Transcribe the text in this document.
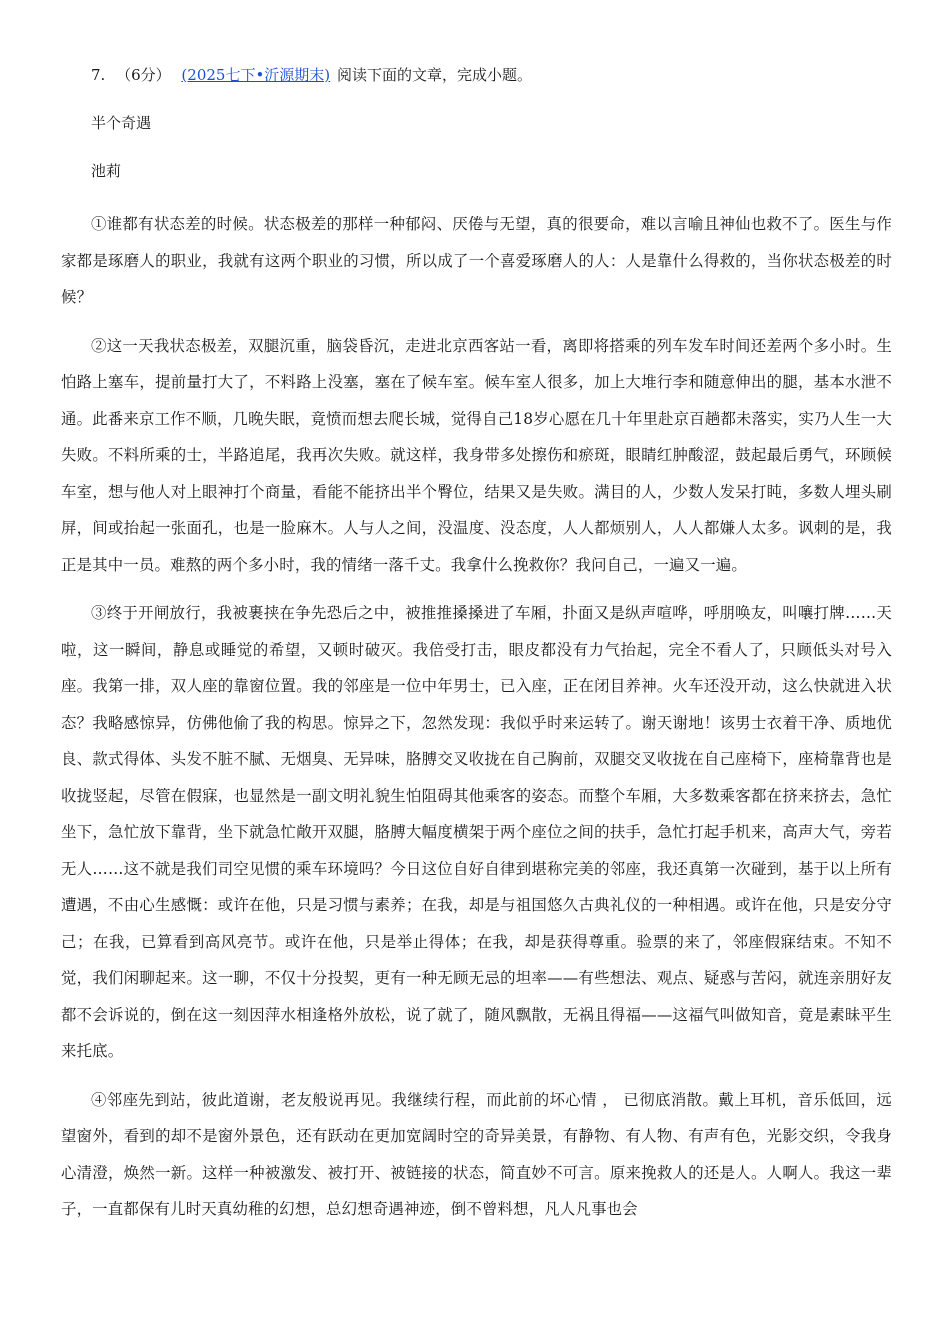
7. （6分） (2025七下•沂源期末) 阅读下面的文章，完成小题。
半个奇遇
池莉

①谁都有状态差的时候。状态极差的那样一种郁闷、厌倦与无望，真的很要命，难以言喻且神仙也救不了。医生与作家都是琢磨人的职业，我就有这两个职业的习惯，所以成了一个喜爱琢磨人的人：人是靠什么得救的，当你状态极差的时候？

②这一天我状态极差，双腿沉重，脑袋昏沉，走进北京西客站一看，离即将搭乘的列车发车时间还差两个多小时。生怕路上塞车，提前量打大了，不料路上没塞，塞在了候车室。候车室人很多，加上大堆行李和随意伸出的腿，基本水泄不通。此番来京工作不顺，几晚失眠，竟愤而想去爬长城，觉得自己18岁心愿在几十年里赴京百趟都未落实，实乃人生一大失败。不料所乘的士，半路追尾，我再次失败。就这样，我身带多处擦伤和瘀斑，眼睛红肿酸涩，鼓起最后勇气，环顾候车室，想与他人对上眼神打个商量，看能不能挤出半个臀位，结果又是失败。满目的人，少数人发呆打盹，多数人埋头刷屏，间或抬起一张面孔，也是一脸麻木。人与人之间，没温度、没态度，人人都烦别人，人人都嫌人太多。讽刺的是，我正是其中一员。难熬的两个多小时，我的情绪一落千丈。我拿什么挽救你？我问自己，一遍又一遍。

③终于开闸放行，我被裹挟在争先恐后之中，被推推搡搡进了车厢，扑面又是纵声喧哗，呼朋唤友，叫嚷打牌……天啦，这一瞬间，静息或睡觉的希望，又顿时破灭。我倍受打击，眼皮都没有力气抬起，完全不看人了，只顾低头对号入座。我第一排，双人座的靠窗位置。我的邻座是一位中年男士，已入座，正在闭目养神。火车还没开动，这么快就进入状态？我略感惊异，仿佛他偷了我的构思。惊异之下，忽然发现：我似乎时来运转了。谢天谢地！该男士衣着干净、质地优良、款式得体、头发不脏不腻、无烟臭、无异味，胳膊交叉收拢在自己胸前，双腿交叉收拢在自己座椅下，座椅靠背也是收拢竖起，尽管在假寐，也显然是一副文明礼貌生怕阻碍其他乘客的姿态。而整个车厢，大多数乘客都在挤来挤去，急忙坐下，急忙放下靠背，坐下就急忙敞开双腿，胳膊大幅度横架于两个座位之间的扶手，急忙打起手机来，高声大气，旁若无人……这不就是我们司空见惯的乘车环境吗？今日这位自好自律到堪称完美的邻座，我还真第一次碰到，基于以上所有遭遇，不由心生感慨：或许在他，只是习惯与素养；在我，却是与祖国悠久古典礼仪的一种相遇。或许在他，只是安分守己；在我，已算看到高风亮节。或许在他，只是举止得体；在我，却是获得尊重。验票的来了，邻座假寐结束。不知不觉，我们闲聊起来。这一聊，不仅十分投契，更有一种无顾无忌的坦率——有些想法、观点、疑惑与苦闷，就连亲朋好友都不会诉说的，倒在这一刻因萍水相逢格外放松，说了就了，随风飘散，无祸且得福——这福气叫做知音，竟是素昧平生来托底。

④邻座先到站，彼此道谢，老友般说再见。我继续行程，而此前的坏心情 ， 已彻底消散。戴上耳机，音乐低回，远望窗外，看到的却不是窗外景色，还有跃动在更加宽阔时空的奇异美景，有静物、有人物、有声有色，光影交织，令我身心清澄，焕然一新。这样一种被激发、被打开、被链接的状态，简直妙不可言。原来挽救人的还是人。人啊人。我这一辈子，一直都保有儿时天真幼稚的幻想，总幻想奇遇神迹，倒不曾料想，凡人凡事也会
